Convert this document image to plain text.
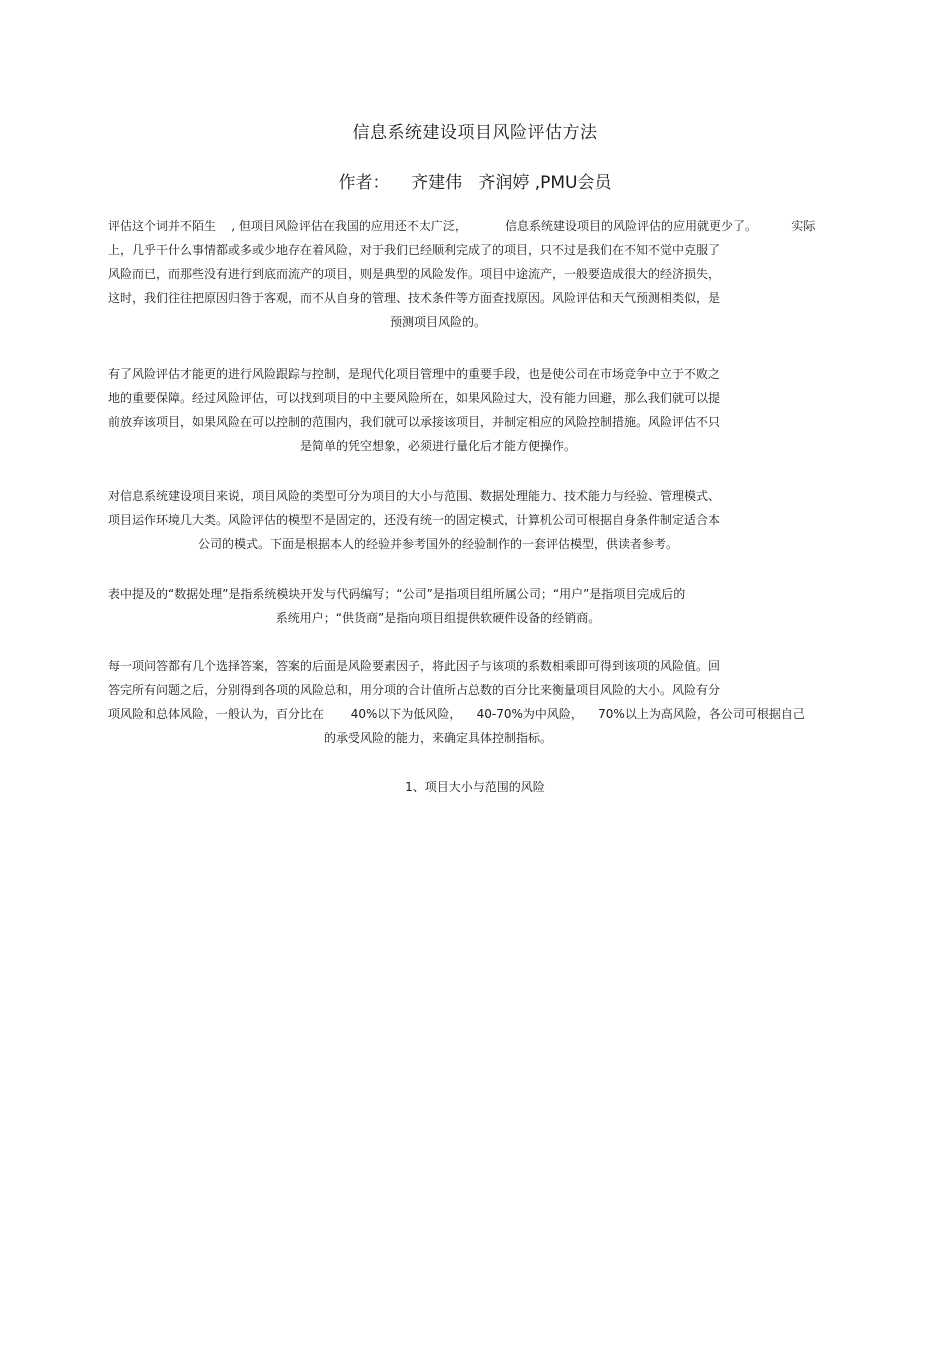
信息系统建设项目风险评估方法
作者： 齐建伟   齐润婷 ,PMU会员
评估这个词并不陌生    , 但项目风险评估在我国的应用还不太广泛，          信息系统建设项目的风险评估的应用就更少了。         实际
上，几乎干什么事情都或多或少地存在着风险，对于我们已经顺利完成了的项目，只不过是我们在不知不觉中克服了
风险而已，而那些没有进行到底而流产的项目，则是典型的风险发作。项目中途流产，一般要造成很大的经济损失，
这时，我们往往把原因归咎于客观，而不从自身的管理、技术条件等方面查找原因。风险评估和天气预测相类似，是
预测项目风险的。
有了风险评估才能更的进行风险跟踪与控制，是现代化项目管理中的重要手段，也是使公司在市场竞争中立于不败之
地的重要保障。经过风险评估，可以找到项目的中主要风险所在，如果风险过大，没有能力回避，那么我们就可以提
前放弃该项目，如果风险在可以控制的范围内，我们就可以承接该项目，并制定相应的风险控制措施。风险评估不只
是简单的凭空想象，必须进行量化后才能方便操作。
对信息系统建设项目来说，项目风险的类型可分为项目的大小与范围、数据处理能力、技术能力与经验、管理模式、
项目运作环境几大类。风险评估的模型不是固定的，还没有统一的固定模式，计算机公司可根据自身条件制定适合本
公司的模式。下面是根据本人的经验并参考国外的经验制作的一套评估模型，供读者参考。
表中提及的“数据处理”是指系统模块开发与代码编写；“公司”是指项目组所属公司；“用户”是指项目完成后的
系统用户；“供货商”是指向项目组提供软硬件设备的经销商。
每一项问答都有几个选择答案，答案的后面是风险要素因子，将此因子与该项的系数相乘即可得到该项的风险值。回
答完所有问题之后，分别得到各项的风险总和，用分项的合计值所占总数的百分比来衡量项目风险的大小。风险有分
项风险和总体风险，一般认为，百分比在       40%以下为低风险，    40-70%为中风险，    70%以上为高风险，各公司可根据自己
的承受风险的能力，来确定具体控制指标。
1、项目大小与范围的风险
